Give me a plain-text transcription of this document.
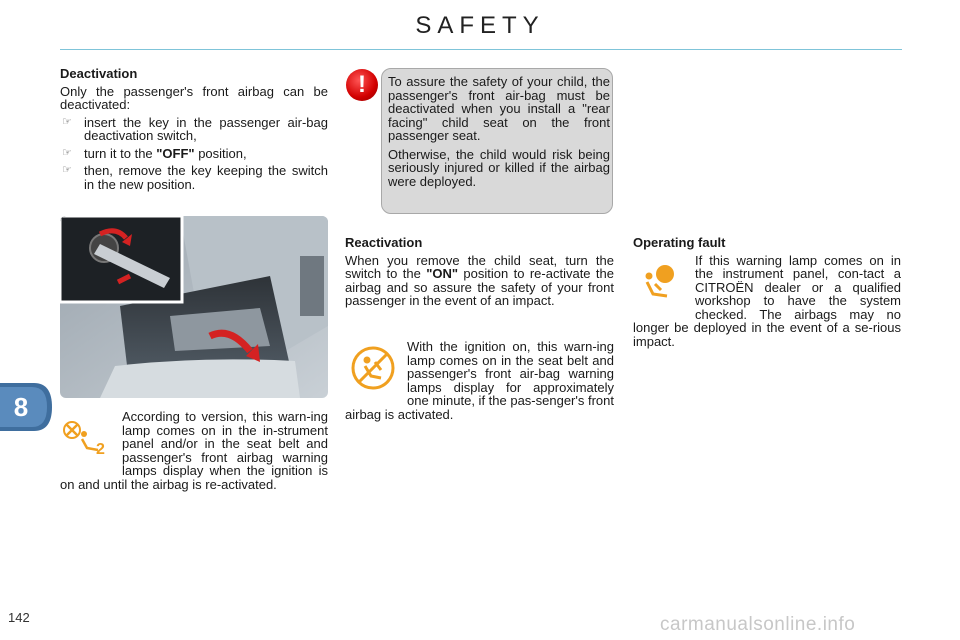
SAFETY
Deactivation

Only the passenger's front airbag can be deactivated:

☞ insert the key in the passenger air-bag deactivation switch,
☞ turn it to the "OFF" position,
☞ then, remove the key keeping the switch in the new position.
!	To assure the safety of your child, the passenger's front air-bag must be deactivated when you install a "rear facing" child seat on the front passenger seat.

Otherwise, the child would risk being seriously injured or killed if the airbag were deployed.

Reactivation

When you remove the child seat, turn the switch to the "ON" position to re-activate the airbag and so assure the safety of your front passenger in the event of an impact.

With the ignition on, this warn-ing lamp comes on in the seat belt and passenger's front air-bag warning lamps display for approximately one minute, if the pas-senger's front airbag is activated.

Operating fault

If this warning lamp comes on in the instrument panel, con-tact a CITROËN dealer or a qualified workshop to have the system checked. The airbags may no longer be deployed in the event of a se-rious impact.

2

According to version, this warn-ing lamp comes on in the in-strument panel and/or in the seat belt and passenger's front airbag warning lamps display when the ignition is on and until the airbag is re-activated.

8
142	carmanualsonline.info
